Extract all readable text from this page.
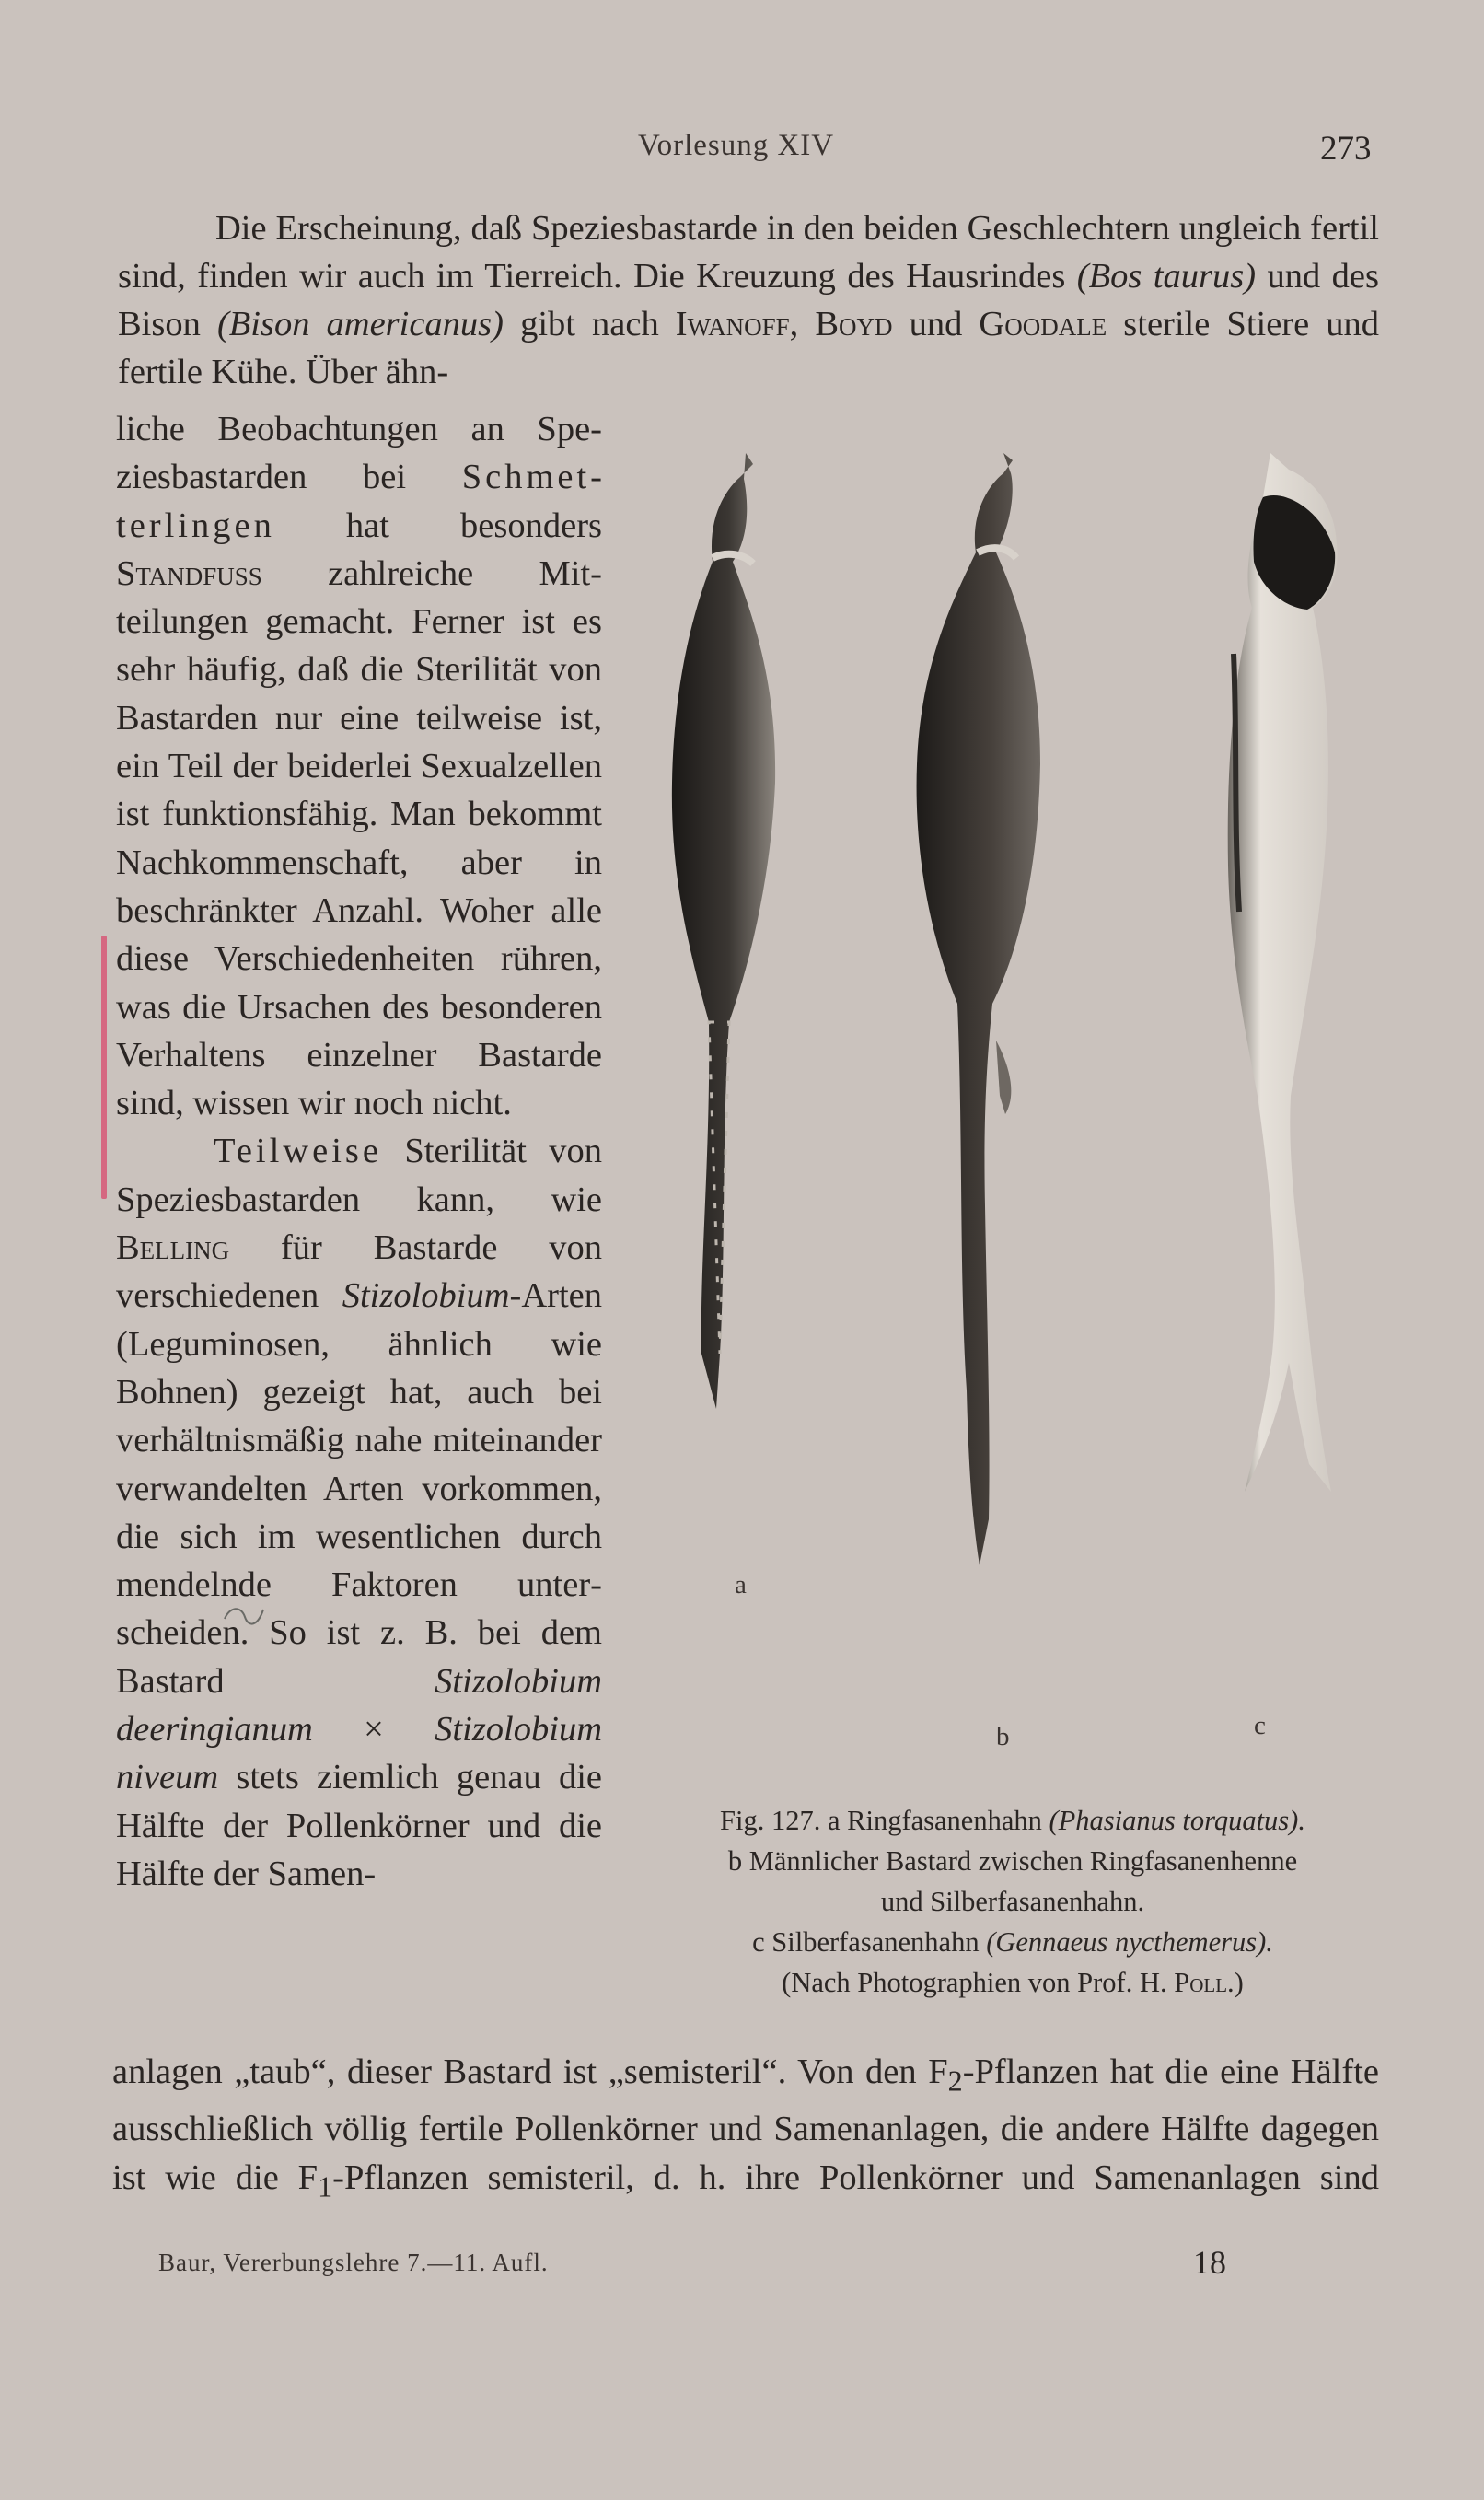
Vorlesung XIV	273

Die Erscheinung, daß Speziesbastarde in den beiden Geschlechtern ungleich fertil sind, finden wir auch im Tierreich. Die Kreuzung des Hausrindes (Bos taurus) und des Bison (Bison americanus) gibt nach Iwanoff, Boyd und Goodale sterile Stiere und fertile Kühe. Über ähn-

liche Beobachtungen an Speziesbastarden bei Schmetterlingen hat besonders Standfuss zahlreiche Mitteilungen gemacht. Ferner ist es sehr häufig, daß die Sterilität von Bastarden nur eine teilweise ist, ein Teil der beiderlei Sexualzellen ist funktionsfähig. Man bekommt Nachkommenschaft, aber in beschränkter Anzahl. Woher alle diese Verschiedenheiten rühren, was die Ursachen des besonderen Verhaltens einzelner Bastarde sind, wissen wir noch nicht.

Teilweise Sterilität von Speziesbastarden kann, wie Belling für Bastarde von verschiedenen Stizolobium-Arten (Leguminosen, ähnlich wie Bohnen) gezeigt hat, auch bei verhältnismäßig nahe miteinander verwandelten Arten vorkommen, die sich im wesentlichen durch mendelnde Faktoren unterscheiden. So ist z. B. bei dem Bastard Stizolobium deeringianum × Stizolobium niveum stets ziemlich genau die Hälfte der Pollenkörner und die Hälfte der Samen-

a
b	c
Fig. 127. a Ringfasanenhahn (Phasianus torquatus).
b Männlicher Bastard zwischen Ringfasanenhenne
und Silberfasanenhahn.
c Silberfasanenhahn (Gennaeus nycthemerus).
(Nach Photographien von Prof. H. Poll.)

anlagen „taub“, dieser Bastard ist „semisteril“. Von den $F_2$-Pflanzen hat die eine Hälfte ausschließlich völlig fertile Pollenkörner und Samenanlagen, die andere Hälfte dagegen ist wie die $F_1$-Pflanzen semisteril, d. h. ihre Pollenkörner und Samenanlagen sind

Baur, Vererbungslehre 7.—11. Aufl.	18
